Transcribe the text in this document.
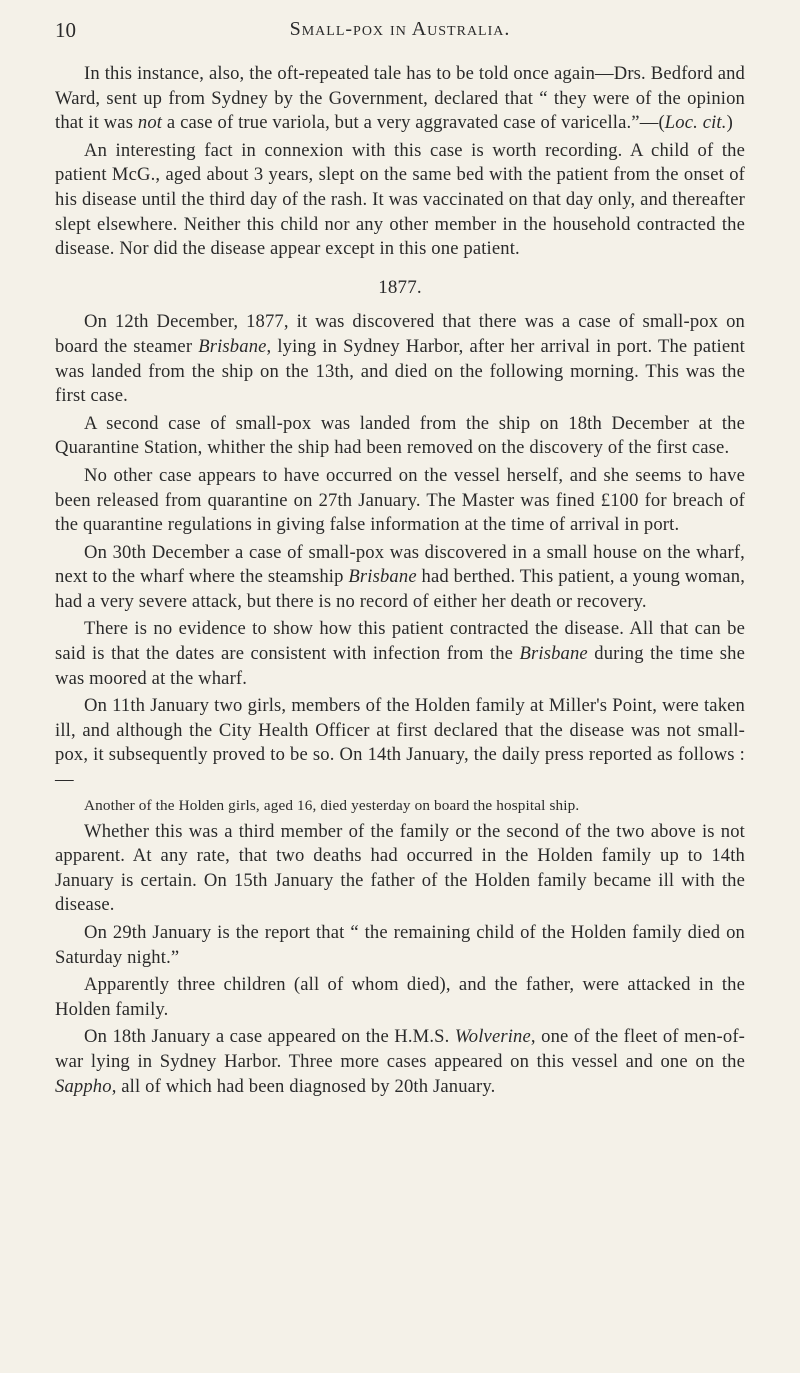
10	Small-pox in Australia.

In this instance, also, the oft-repeated tale has to be told once again—Drs. Bedford and Ward, sent up from Sydney by the Government, declared that “ they were of the opinion that it was not a case of true variola, but a very aggravated case of varicella.”—(Loc. cit.)

An interesting fact in connexion with this case is worth recording. A child of the patient McG., aged about 3 years, slept on the same bed with the patient from the onset of his disease until the third day of the rash. It was vaccinated on that day only, and thereafter slept elsewhere. Neither this child nor any other member in the household contracted the disease. Nor did the disease appear except in this one patient.

1877.

On 12th December, 1877, it was discovered that there was a case of small-pox on board the steamer Brisbane, lying in Sydney Harbor, after her arrival in port. The patient was landed from the ship on the 13th, and died on the following morning. This was the first case.

A second case of small-pox was landed from the ship on 18th December at the Quarantine Station, whither the ship had been removed on the discovery of the first case.

No other case appears to have occurred on the vessel herself, and she seems to have been released from quarantine on 27th January. The Master was fined £100 for breach of the quarantine regulations in giving false information at the time of arrival in port.

On 30th December a case of small-pox was discovered in a small house on the wharf, next to the wharf where the steamship Brisbane had berthed. This patient, a young woman, had a very severe attack, but there is no record of either her death or recovery.

There is no evidence to show how this patient contracted the disease. All that can be said is that the dates are consistent with infection from the Brisbane during the time she was moored at the wharf.

On 11th January two girls, members of the Holden family at Miller's Point, were taken ill, and although the City Health Officer at first declared that the disease was not small-pox, it subsequently proved to be so. On 14th January, the daily press reported as follows :—

Another of the Holden girls, aged 16, died yesterday on board the hospital ship.

Whether this was a third member of the family or the second of the two above is not apparent. At any rate, that two deaths had occurred in the Holden family up to 14th January is certain. On 15th January the father of the Holden family became ill with the disease.

On 29th January is the report that “ the remaining child of the Holden family died on Saturday night.”

Apparently three children (all of whom died), and the father, were attacked in the Holden family.

On 18th January a case appeared on the H.M.S. Wolverine, one of the fleet of men-of-war lying in Sydney Harbor. Three more cases appeared on this vessel and one on the Sappho, all of which had been diagnosed by 20th January.
